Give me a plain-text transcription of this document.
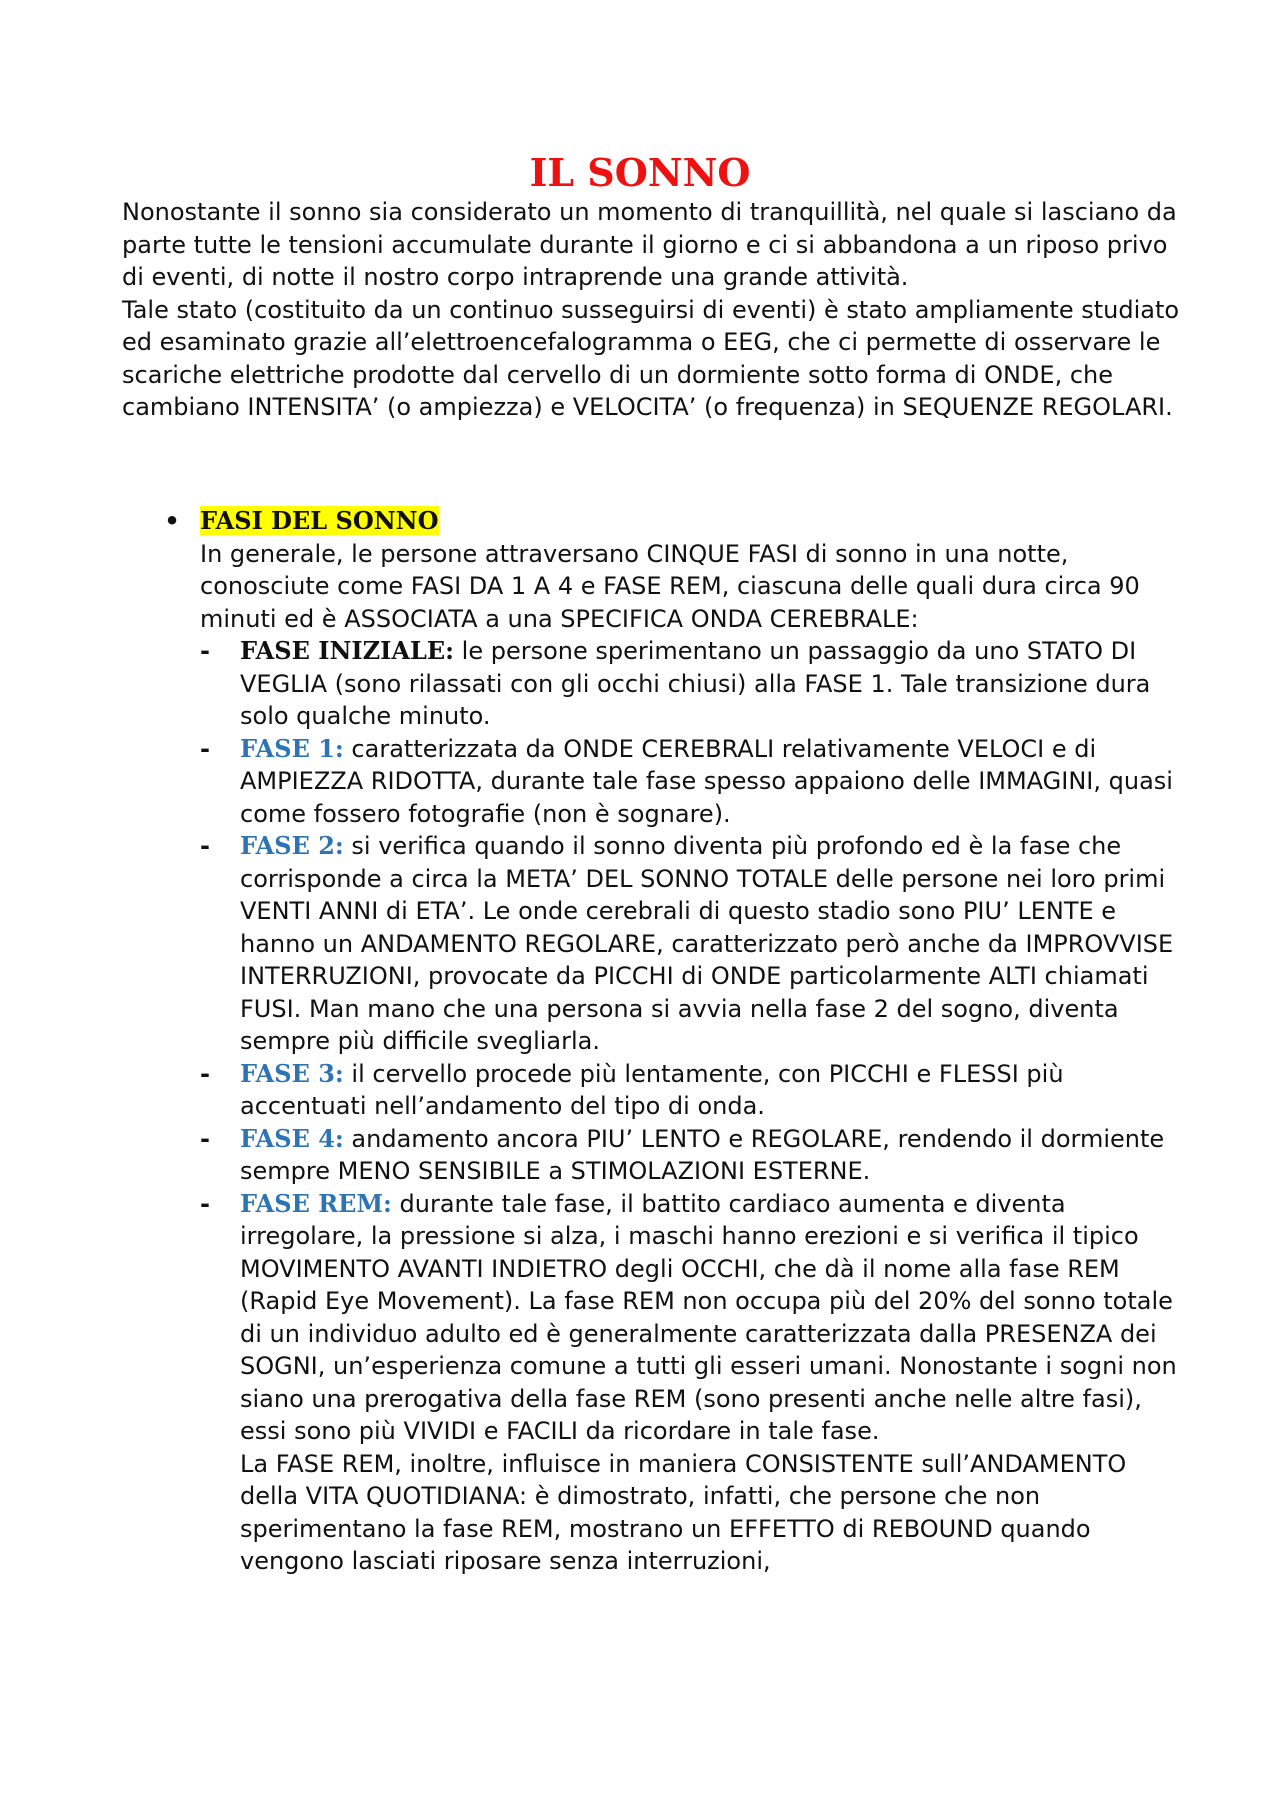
IL SONNO

Nonostante il sonno sia considerato un momento di tranquillità, nel quale si lasciano da parte tutte le tensioni accumulate durante il giorno e ci si abbandona a un riposo privo di eventi, di notte il nostro corpo intraprende una grande attività.

Tale stato (costituito da un continuo susseguirsi di eventi) è stato ampliamente studiato ed esaminato grazie all’elettroencefalogramma o EEG, che ci permette di osservare le scariche elettriche prodotte dal cervello di un dormiente sotto forma di ONDE, che cambiano INTENSITA’ (o ampiezza) e VELOCITA’ (o frequenza) in SEQUENZE REGOLARI.

• FASI DEL SONNO

In generale, le persone attraversano CINQUE FASI di sonno in una notte, conosciute come FASI DA 1 A 4 e FASE REM, ciascuna delle quali dura circa 90 minuti ed è ASSOCIATA a una SPECIFICA ONDA CEREBRALE:

- FASE INIZIALE: le persone sperimentano un passaggio da uno STATO DI VEGLIA (sono rilassati con gli occhi chiusi) alla FASE 1. Tale transizione dura solo qualche minuto.
- FASE 1: caratterizzata da ONDE CEREBRALI relativamente VELOCI e di AMPIEZZA RIDOTTA, durante tale fase spesso appaiono delle IMMAGINI, quasi come fossero fotografie (non è sognare).
- FASE 2: si verifica quando il sonno diventa più profondo ed è la fase che corrisponde a circa la META’ DEL SONNO TOTALE delle persone nei loro primi VENTI ANNI di ETA’. Le onde cerebrali di questo stadio sono PIU’ LENTE e hanno un ANDAMENTO REGOLARE, caratterizzato però anche da IMPROVVISE INTERRUZIONI, provocate da PICCHI di ONDE particolarmente ALTI chiamati FUSI. Man mano che una persona si avvia nella fase 2 del sogno, diventa sempre più difficile svegliarla.
- FASE 3: il cervello procede più lentamente, con PICCHI e FLESSI più accentuati nell’andamento del tipo di onda.
- FASE 4: andamento ancora PIU’ LENTO e REGOLARE, rendendo il dormiente sempre MENO SENSIBILE a STIMOLAZIONI ESTERNE.
- FASE REM: durante tale fase, il battito cardiaco aumenta e diventa irregolare, la pressione si alza, i maschi hanno erezioni e si verifica il tipico MOVIMENTO AVANTI INDIETRO degli OCCHI, che dà il nome alla fase REM (Rapid Eye Movement). La fase REM non occupa più del 20% del sonno totale di un individuo adulto ed è generalmente caratterizzata dalla PRESENZA dei SOGNI, un’esperienza comune a tutti gli esseri umani. Nonostante i sogni non siano una prerogativa della fase REM (sono presenti anche nelle altre fasi), essi sono più VIVIDI e FACILI da ricordare in tale fase.

La FASE REM, inoltre, influisce in maniera CONSISTENTE sull’ANDAMENTO della VITA QUOTIDIANA: è dimostrato, infatti, che persone che non sperimentano la fase REM, mostrano un EFFETTO di REBOUND quando vengono lasciati riposare senza interruzioni,
